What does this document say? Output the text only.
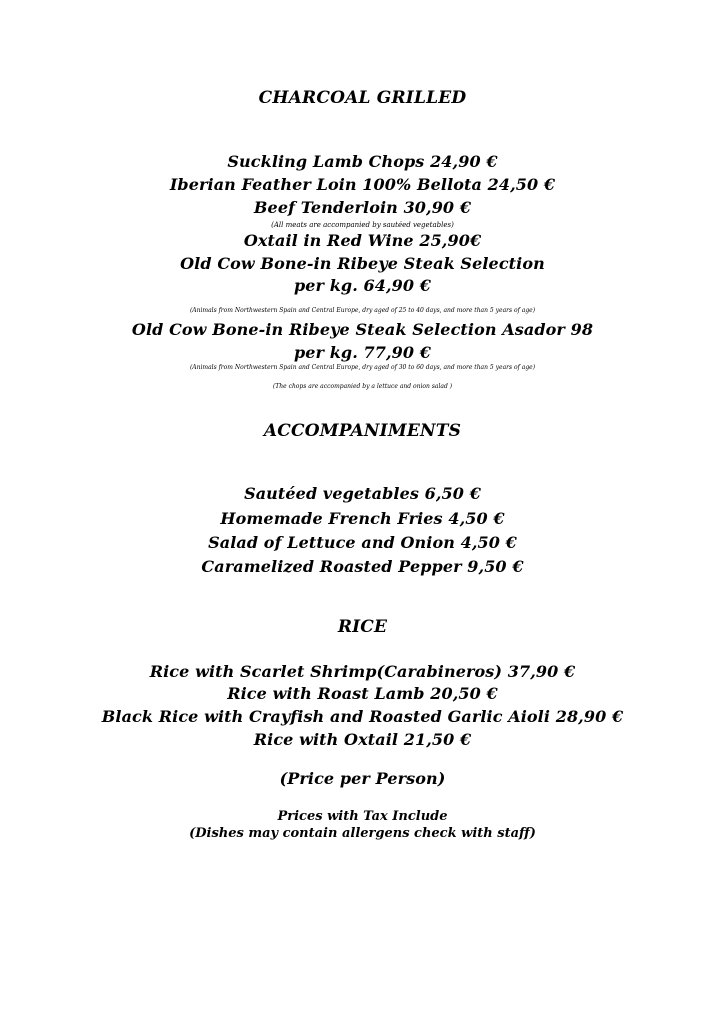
CHARCOAL GRILLED
Suckling Lamb Chops 24,90 €
Iberian Feather Loin 100% Bellota 24,50 €
Beef Tenderloin 30,90 €
(All meats are accompanied by sautéed vegetables)
Oxtail in Red Wine 25,90€
Old Cow Bone-in Ribeye Steak Selection
per kg. 64,90 €
(Animals from Northwestern Spain and Central Europe, dry aged of 25 to 40 days, and more than 5 years of age)
Old Cow Bone-in Ribeye Steak Selection Asador 98
per kg. 77,90 €
(Animals from Northwestern Spain and Central Europe, dry aged of 30 to 60 days, and more than 5 years of age)
(The chops are accompanied by a lettuce and onion salad )
ACCOMPANIMENTS
Sautéed vegetables 6,50 €
Homemade French Fries 4,50 €
Salad of Lettuce and Onion 4,50 €
Caramelized Roasted Pepper 9,50 €
RICE
Rice with Scarlet Shrimp(Carabineros) 37,90 €
Rice with Roast Lamb 20,50 €
Black Rice with Crayfish and Roasted Garlic Aioli 28,90 €
Rice with Oxtail 21,50 €
(Price per Person)
Prices with Tax Include
(Dishes may contain allergens check with staff)
